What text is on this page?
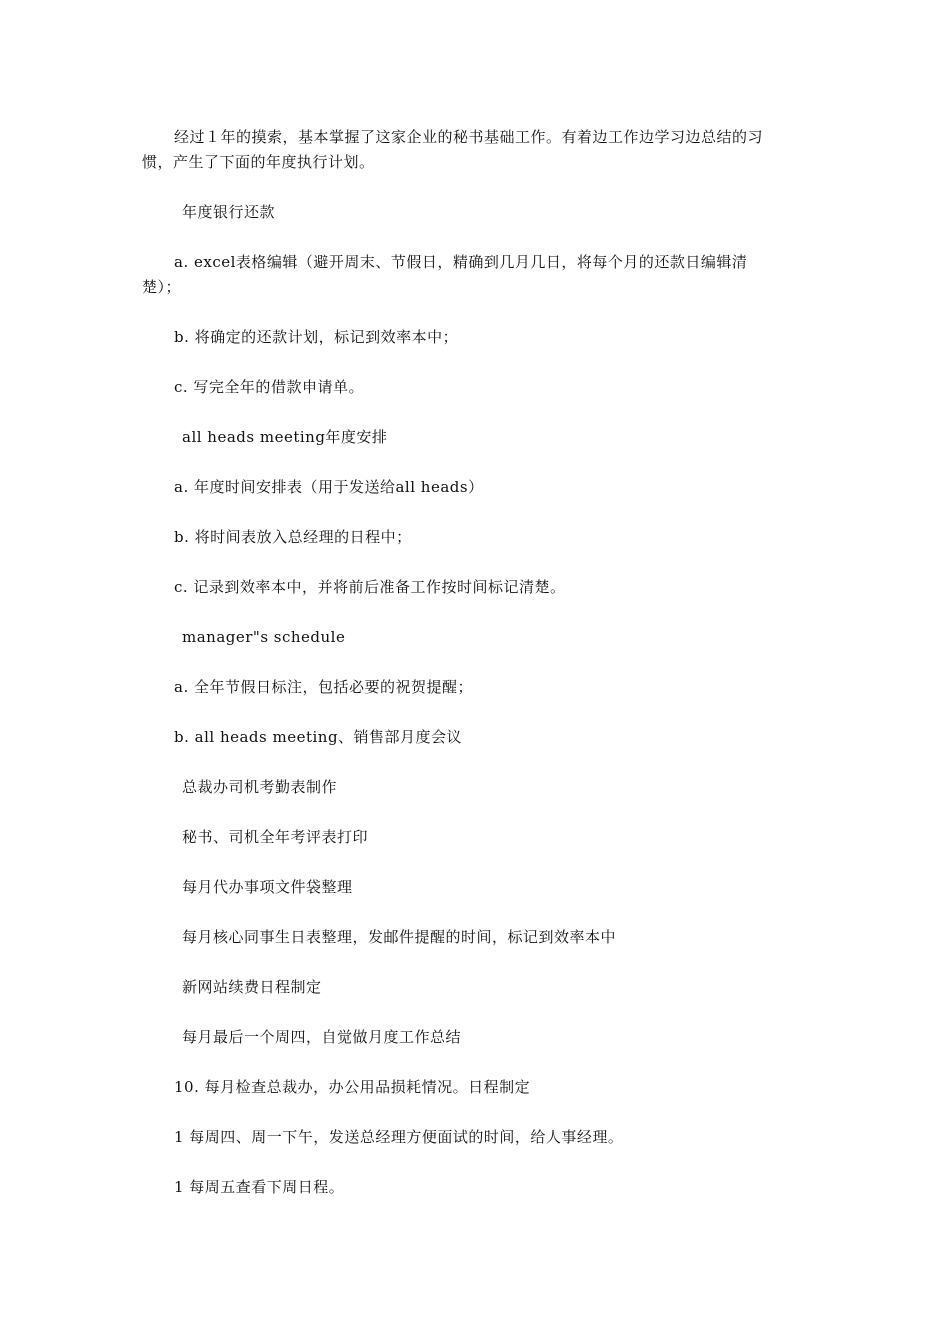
经过１年的摸索，基本掌握了这家企业的秘书基础工作。有着边工作边学习边总结的习
惯，产生了下面的年度执行计划。
年度银行还款
a. excel表格编辑（避开周末、节假日，精确到几月几日，将每个月的还款日编辑清
楚）；
b. 将确定的还款计划，标记到效率本中；
c. 写完全年的借款申请单。
all heads meeting年度安排
a. 年度时间安排表（用于发送给all heads）
b. 将时间表放入总经理的日程中；
c. 记录到效率本中，并将前后准备工作按时间标记清楚。
manager"s schedule
a. 全年节假日标注，包括必要的祝贺提醒；
b. all heads meeting、销售部月度会议
总裁办司机考勤表制作
秘书、司机全年考评表打印
每月代办事项文件袋整理
每月核心同事生日表整理，发邮件提醒的时间，标记到效率本中
新网站续费日程制定
每月最后一个周四，自觉做月度工作总结
10. 每月检查总裁办，办公用品损耗情况。日程制定
1 每周四、周一下午，发送总经理方便面试的时间，给人事经理。
1 每周五查看下周日程。
